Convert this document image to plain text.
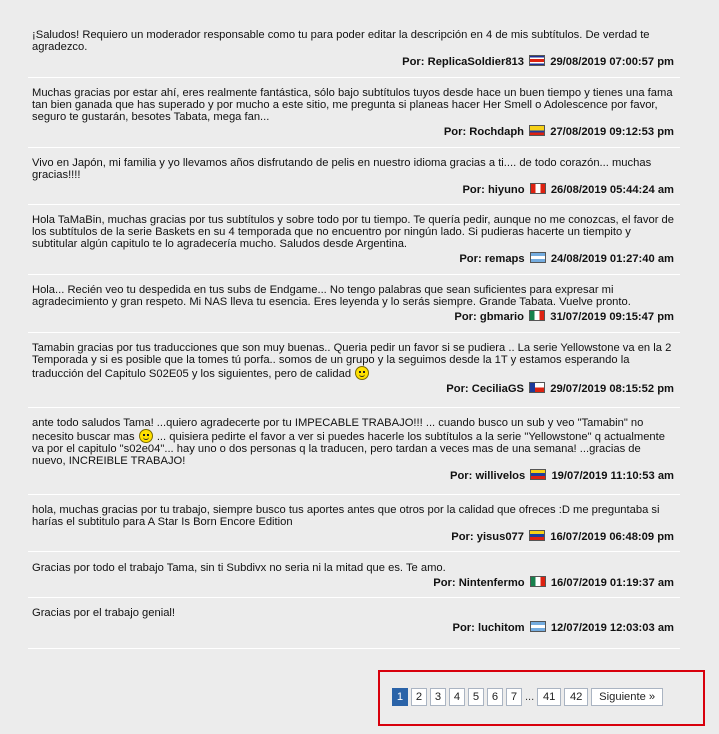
¡Saludos! Requiero un moderador responsable como tu para poder editar la descripción en 4 de mis subtítulos. De verdad te agradezco.
Por: ReplicaSoldier813 29/08/2019 07:00:57 pm
Muchas gracias por estar ahí, eres realmente fantástica, sólo bajo subtítulos tuyos desde hace un buen tiempo y tienes una fama tan bien ganada que has superado y por mucho a este sitio, me pregunta si planeas hacer Her Smell o Adolescence por favor, seguro te gustarán, besotes Tabata, mega fan...
Por: Rochdaph 27/08/2019 09:12:53 pm
Vivo en Japón, mi familia y yo llevamos años disfrutando de pelis en nuestro idioma gracias a ti.... de todo corazón... muchas gracias!!!!
Por: hiyuno 26/08/2019 05:44:24 am
Hola TaMaBin, muchas gracias por tus subtítulos y sobre todo por tu tiempo. Te quería pedir, aunque no me conozcas, el favor de los subtítulos de la serie Baskets en su 4 temporada que no encuentro por ningún lado. Si pudieras hacerte un tiempito y subtitular algún capitulo te lo agradecería mucho. Saludos desde Argentina.
Por: remaps 24/08/2019 01:27:40 am
Hola... Recién veo tu despedida en tus subs de Endgame... No tengo palabras que sean suficientes para expresar mi agradecimiento y gran respeto. Mi NAS lleva tu esencia. Eres leyenda y lo serás siempre. Grande Tabata. Vuelve pronto.
Por: gbmario 31/07/2019 09:15:47 pm
Tamabin gracias por tus traducciones que son muy buenas.. Queria pedir un favor si se pudiera .. La serie Yellowstone va en la 2 Temporada y si es posible que la tomes tú porfa.. somos de un grupo y la seguimos desde la 1T y estamos esperando la traducción del Capitulo S02E05 y los siguientes, pero de calidad
Por: CeciliaGS 29/07/2019 08:15:52 pm
ante todo saludos Tama! ...quiero agradecerte por tu IMPECABLE TRABAJO!!! ... cuando busco un sub y veo "Tamabin" no necesito buscar mas  ... quisiera pedirte el favor a ver si puedes hacerle los subtítulos a la serie "Yellowstone" q actualmente va por el capitulo "s02e04"... hay uno o dos personas q la traducen, pero tardan a veces mas de una semana! ...gracias de nuevo, INCREIBLE TRABAJO!
Por: willivelos 19/07/2019 11:10:53 am
hola, muchas gracias por tu trabajo, siempre busco tus aportes antes que otros por la calidad que ofreces :D me preguntaba si harías el subtitulo para A Star Is Born Encore Edition
Por: yisus077 16/07/2019 06:48:09 pm
Gracias por todo el trabajo Tama, sin ti Subdivx no seria ni la mitad que es. Te amo.
Por: Nintenfermo 16/07/2019 01:19:37 am
Gracias por el trabajo genial!
Por: luchitom 12/07/2019 12:03:03 am
1	2	3	4	5	6	7 ... 41	42	Siguiente »
